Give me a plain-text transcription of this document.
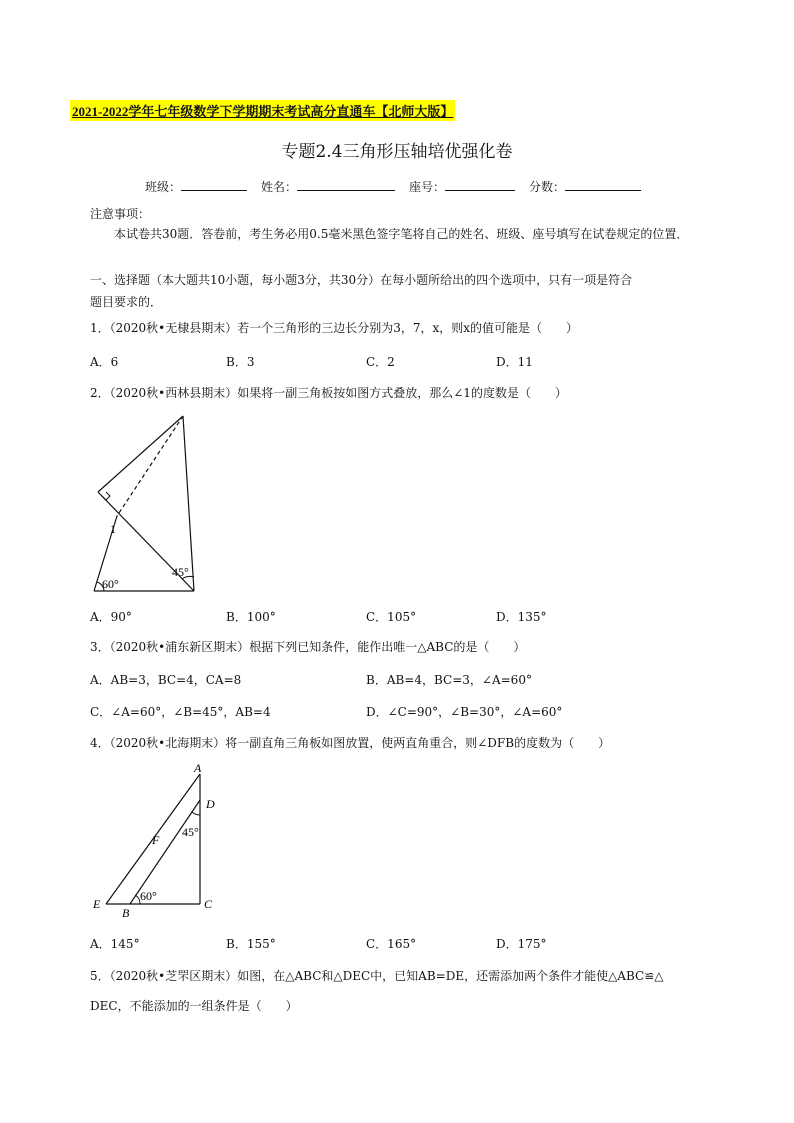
2021-2022学年七年级数学下学期期末考试高分直通车【北师大版】
专题2.4三角形压轴培优强化卷
班级：	姓名：	座号：	分数：
注意事项：
本试卷共30题．答卷前，考生务必用0.5毫米黑色签字笔将自己的姓名、班级、座号填写在试卷规定的位置．
一、选择题（本大题共10小题，每小题3分，共30分）在每小题所给出的四个选项中，只有一项是符合
题目要求的．
1．（2020秋•无棣县期末）若一个三角形的三边长分别为3，7，x，则x的值可能是（　　）
A．6	B．3	C．2	D．11
2．（2020秋•西林县期末）如果将一副三角板按如图方式叠放，那么∠1的度数是（　　）
1
60°
45°
A．90°	B．100°	C．105°	D．135°
3．（2020秋•浦东新区期末）根据下列已知条件，能作出唯一△ABC的是（　　）
A．AB=3，BC=4，CA=8	B．AB=4，BC=3，∠A=60°
C．∠A=60°，∠B=45°，AB=4	D．∠C=90°，∠B=30°，∠A=60°
4．（2020秋•北海期末）将一副直角三角板如图放置，使两直角重合，则∠DFB的度数为（　　）
A
D
F
45°
60°
E
B
C
A．145°	B．155°	C．165°	D．175°
5．（2020秋•芝罘区期末）如图，在△ABC和△DEC中，已知AB=DE，还需添加两个条件才能使△ABC≌△
DEC，不能添加的一组条件是（　　）
